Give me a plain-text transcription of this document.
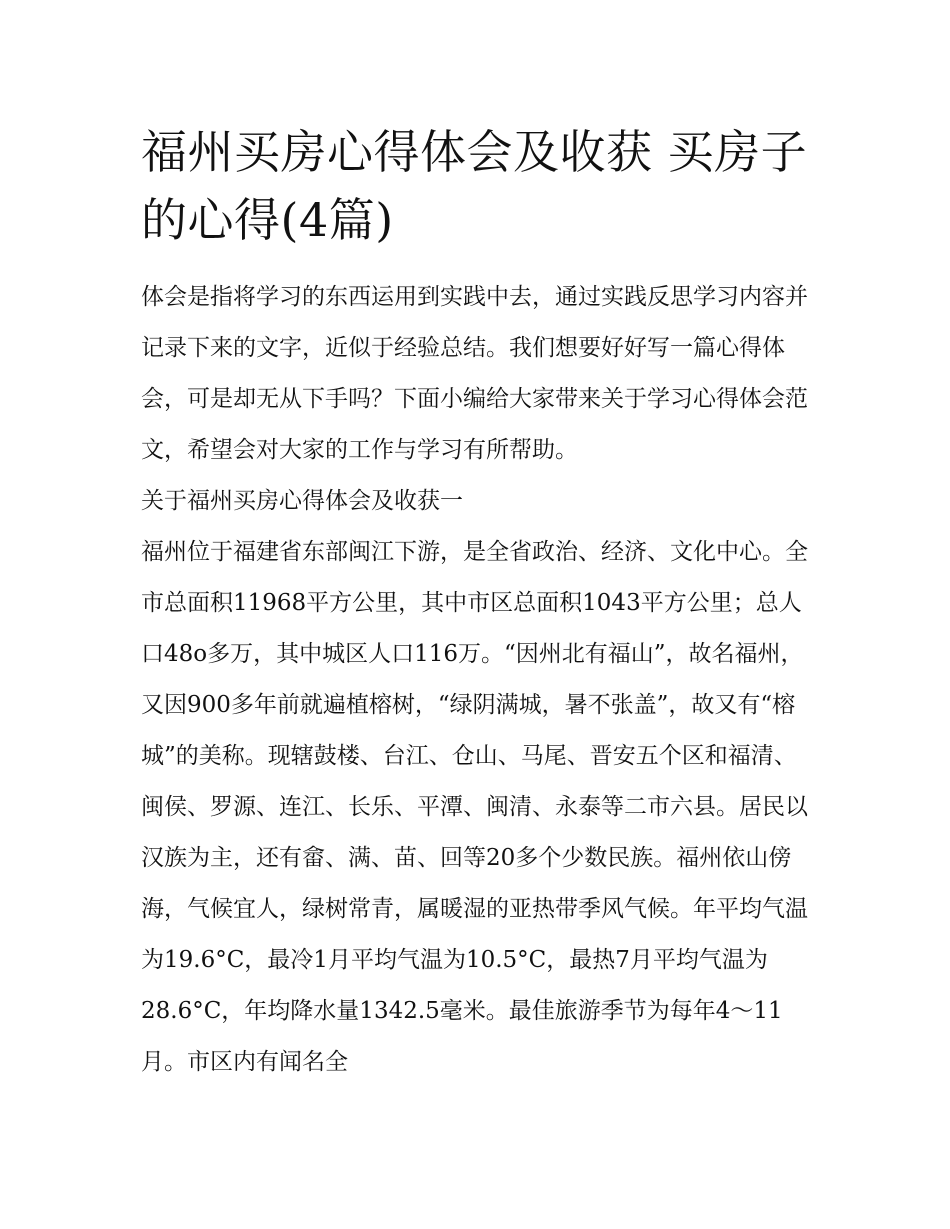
福州买房心得体会及收获 买房子的心得(4篇)

体会是指将学习的东西运用到实践中去，通过实践反思学习内容并记录下来的文字，近似于经验总结。我们想要好好写一篇心得体会，可是却无从下手吗？下面小编给大家带来关于学习心得体会范文，希望会对大家的工作与学习有所帮助。

关于福州买房心得体会及收获一

福州位于福建省东部闽江下游，是全省政治、经济、文化中心。全市总面积11968平方公里，其中市区总面积1043平方公里；总人口48o多万，其中城区人口116万。“因州北有福山”，故名福州，又因900多年前就遍植榕树，“绿阴满城，暑不张盖”，故又有“榕城”的美称。现辖鼓楼、台江、仓山、马尾、晋安五个区和福清、闽侯、罗源、连江、长乐、平潭、闽清、永泰等二市六县。居民以汉族为主，还有畲、满、苗、回等20多个少数民族。福州依山傍海，气候宜人，绿树常青，属暖湿的亚热带季风气候。年平均气温为19.6°C，最冷1月平均气温为10.5°C，最热7月平均气温为28.6°C，年均降水量1342.5毫米。最佳旅游季节为每年4～11月。市区内有闻名全
